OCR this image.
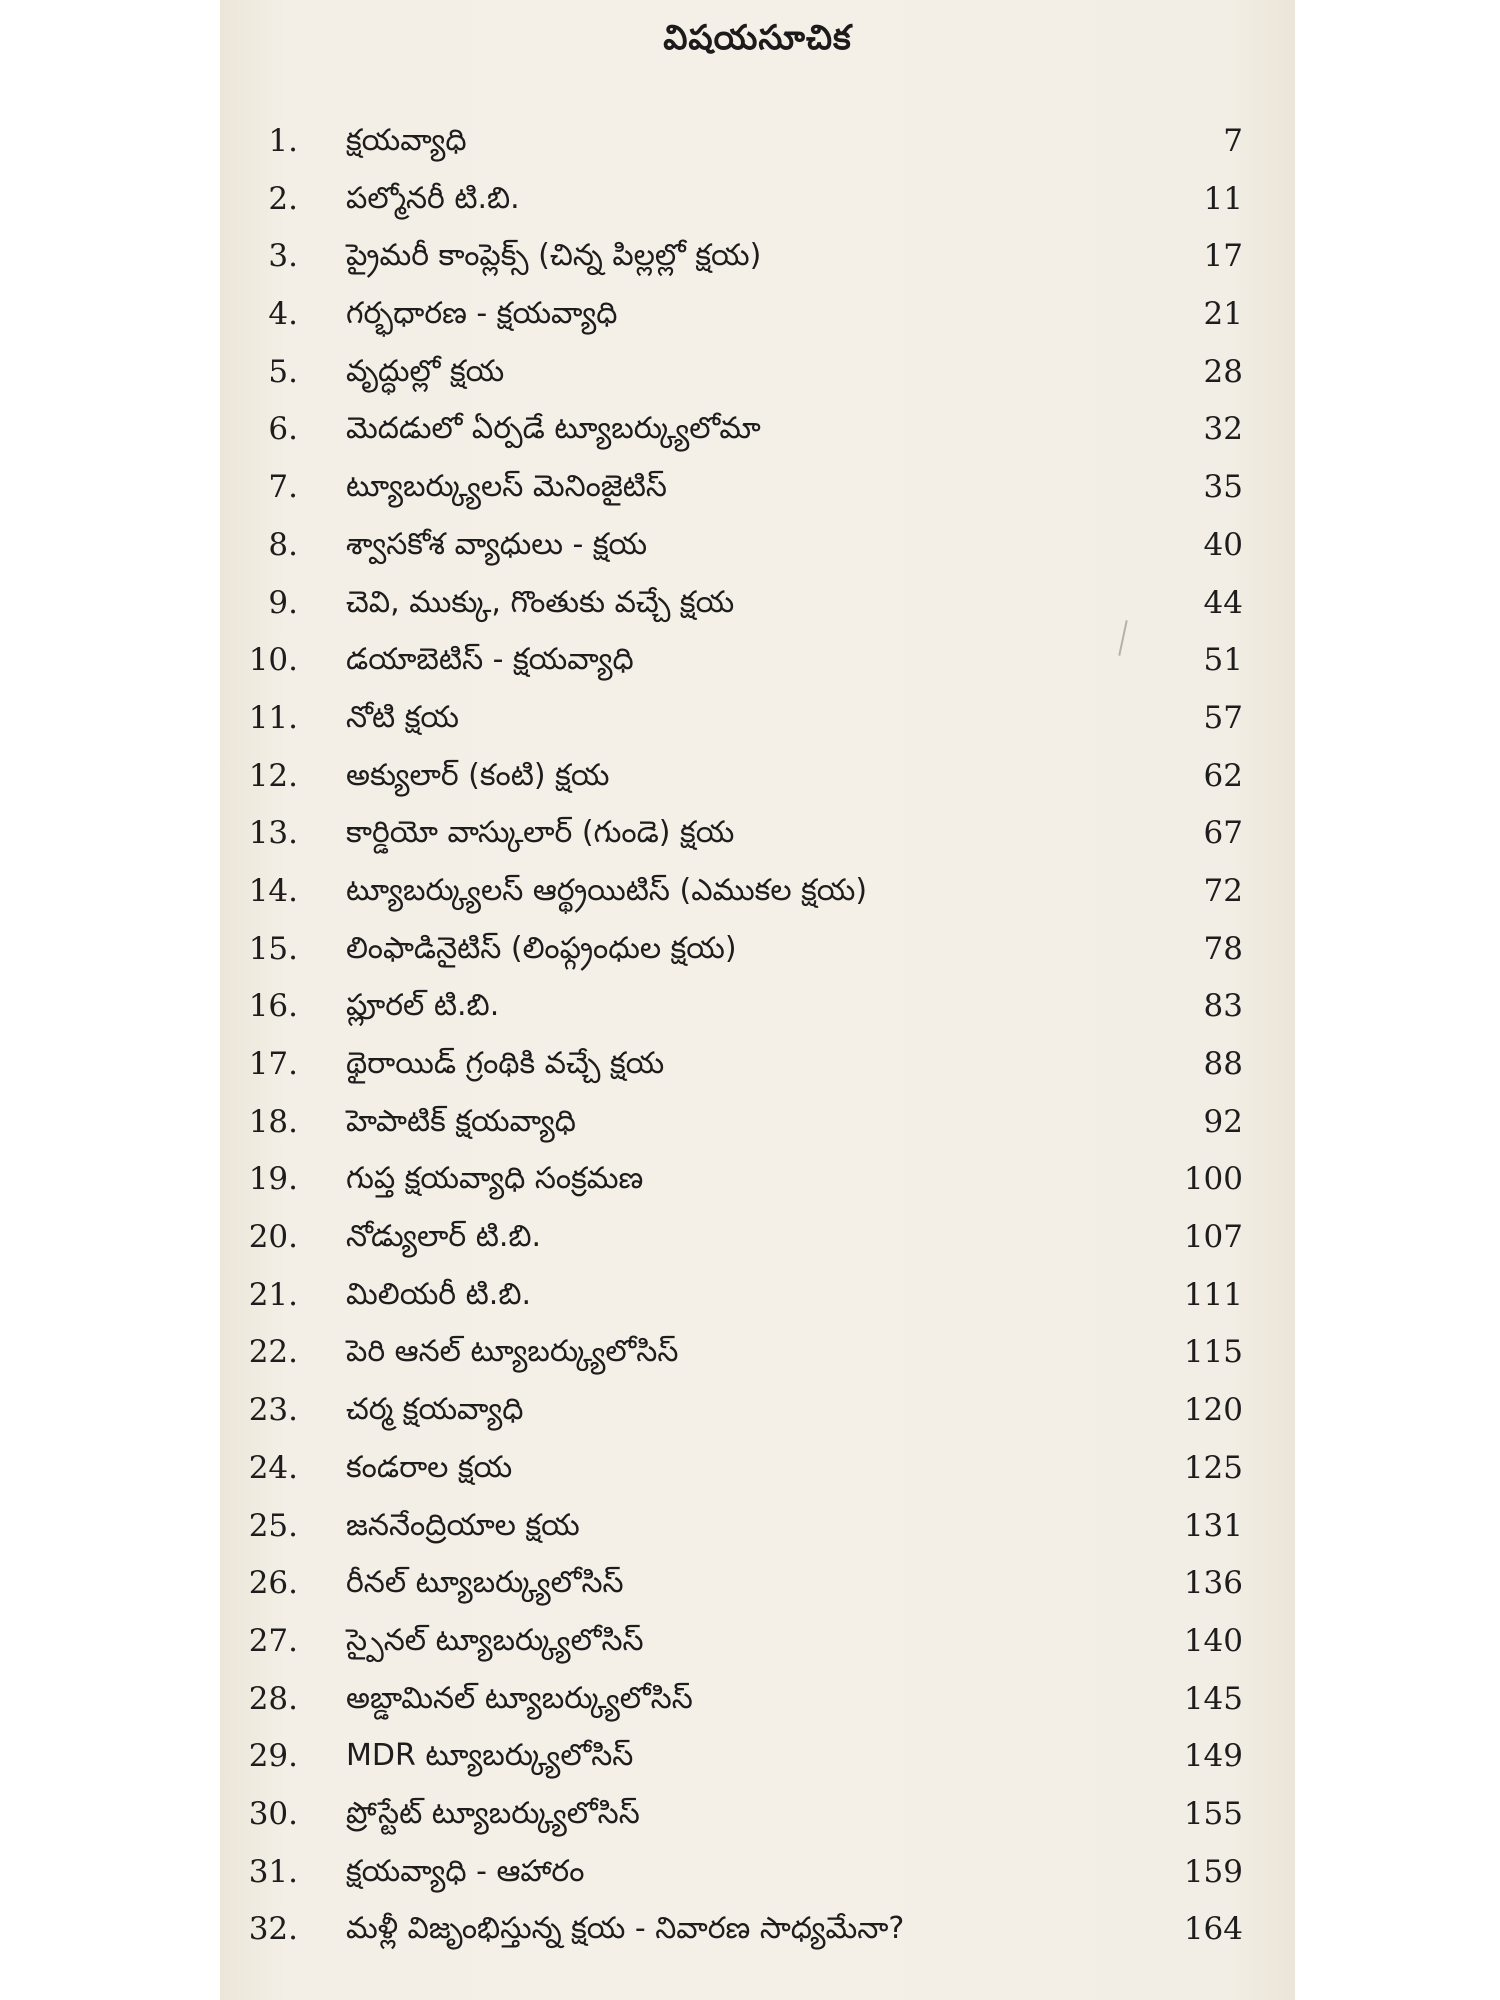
విషయసూచిక
1. క్షయవ్యాధి	7
2. పల్మోనరీ టి.బి.	11
3. ప్రైమరీ కాంప్లెక్స్ (చిన్న పిల్లల్లో క్షయ)	17
4. గర్భధారణ - క్షయవ్యాధి	21
5. వృద్ధుల్లో క్షయ	28
6. మెదడులో ఏర్పడే ట్యూబర్క్యులోమా	32
7. ట్యూబర్క్యులస్ మెనింజైటిస్	35
8. శ్వాసకోశ వ్యాధులు - క్షయ	40
9. చెవి, ముక్కు, గొంతుకు వచ్చే క్షయ	44
10. డయాబెటిస్ - క్షయవ్యాధి	51
11. నోటి క్షయ	57
12. అక్యులార్ (కంటి) క్షయ	62
13. కార్డియో వాస్కులార్ (గుండె) క్షయ	67
14. ట్యూబర్క్యులస్ ఆర్థ్రయిటిస్ (ఎముకల క్షయ)	72
15. లింఫాడినైటిస్ (లింఫ్గ్రంధుల క్షయ)	78
16. ప్లూరల్ టి.బి.	83
17. థైరాయిడ్ గ్రంథికి వచ్చే క్షయ	88
18. హెపాటిక్ క్షయవ్యాధి	92
19. గుప్త క్షయవ్యాధి సంక్రమణ	100
20. నోడ్యులార్ టి.బి.	107
21. మిలియరీ టి.బి.	111
22. పెరి ఆనల్ ట్యూబర్క్యులోసిస్	115
23. చర్మ క్షయవ్యాధి	120
24. కండరాల క్షయ	125
25. జననేంద్రియాల క్షయ	131
26. రీనల్ ట్యూబర్క్యులోసిస్	136
27. స్పైనల్ ట్యూబర్క్యులోసిస్	140
28. అబ్డామినల్ ట్యూబర్క్యులోసిస్	145
29. MDR ట్యూబర్క్యులోసిస్	149
30. ప్రోస్టేట్ ట్యూబర్క్యులోసిస్	155
31. క్షయవ్యాధి - ఆహారం	159
32. మళ్లీ విజృంభిస్తున్న క్షయ - నివారణ సాధ్యమేనా?	164
